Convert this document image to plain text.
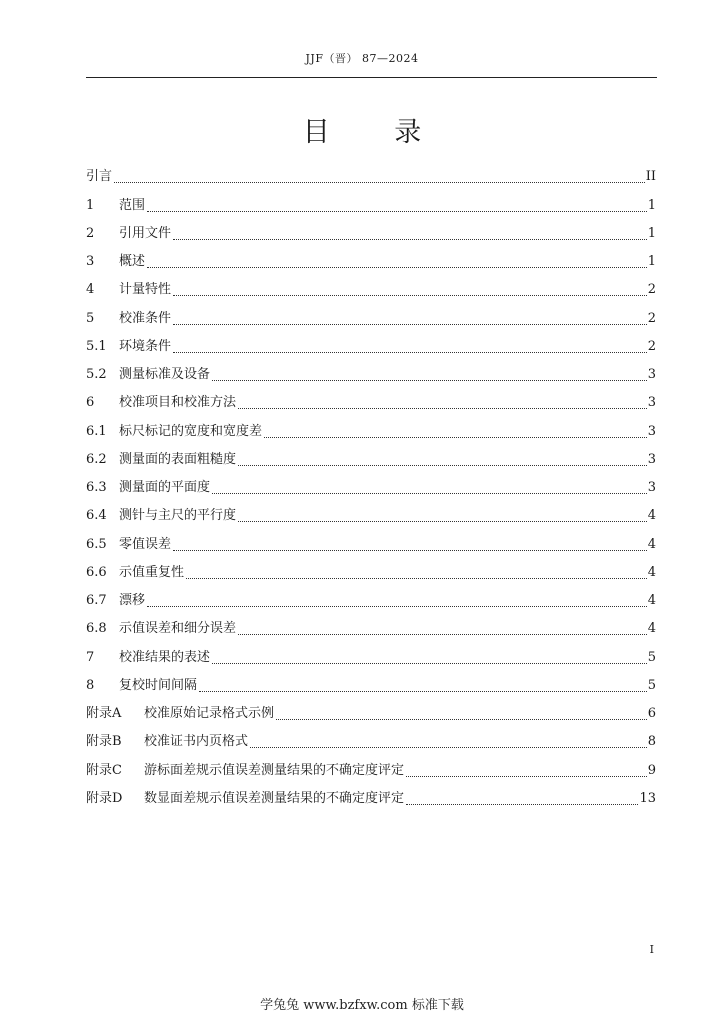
JJF（晋） 87—2024
目 录
引言	II
1	范围	1
2	引用文件	1
3	概述	1
4	计量特性	2
5	校准条件	2
5.1 环境条件	2
5.2 测量标准及设备	3
6	校准项目和校准方法	3
6.1 标尺标记的宽度和宽度差	3
6.2 测量面的表面粗糙度	3
6.3 测量面的平面度	3
6.4 测针与主尺的平行度	4
6.5 零值误差	4
6.6 示值重复性	4
6.7 漂移	4
6.8 示值误差和细分误差	4
7	校准结果的表述	5
8	复校时间间隔	5
附录A	校准原始记录格式示例	6
附录B	校准证书内页格式	8
附录C	游标面差规示值误差测量结果的不确定度评定	9
附录D	数显面差规示值误差测量结果的不确定度评定	13
I
学兔兔 www.bzfxw.com 标准下载
